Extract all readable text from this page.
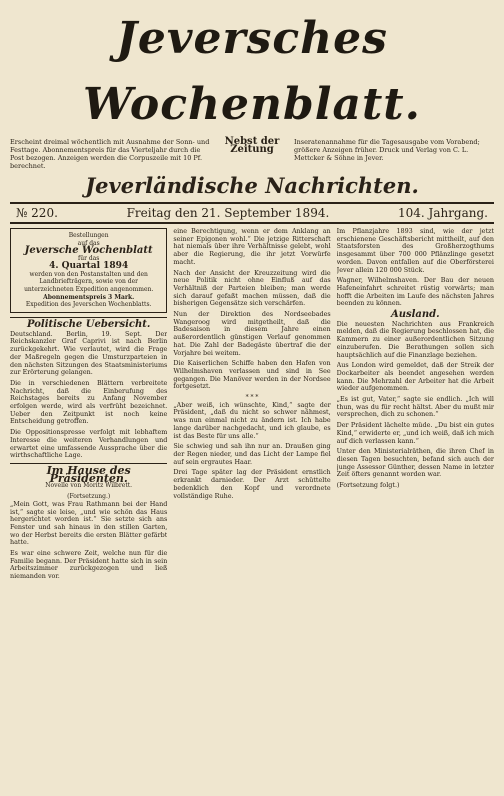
Jeversches Wochenblatt.
Erscheint dreimal wöchentlich mit Ausnahme der Sonn- und Festtage. Abonnementspreis für das Vierteljahr durch die Post bezogen. Anzeigen werden die Corpuszeile mit 10 Pf. berechnet.
Nebst der Zeitung
Inseratenannahme für die Tagesausgabe vom Vorabend; größere Anzeigen früher. Druck und Verlag von C. L. Mettcker & Söhne in Jever.
Jeverländische Nachrichten.
№ 220.	Freitag den 21. September 1894.	104. Jahrgang.
Bestellungen
auf das
Jeversche Wochenblatt
für das
4. Quartal 1894
werden von den Postanstalten und den Landbriefträgern, sowie von der unterzeichneten Expedition angenommen.
Abonnementspreis 3 Mark.
Expedition des Jeverschen Wochenblatts.
Politische Uebersicht.

Deutschland. Berlin, 19. Sept. Der Reichskanzler Graf Caprivi ist nach Berlin zurückgekehrt. Wie verlautet, wird die Frage der Maßregeln gegen die Umsturzparteien in den nächsten Sitzungen des Staatsministeriums zur Erörterung gelangen.

Die in verschiedenen Blättern verbreitete Nachricht, daß die Einberufung des Reichstages bereits zu Anfang November erfolgen werde, wird als verfrüht bezeichnet. Ueber den Zeitpunkt ist noch keine Entscheidung getroffen.

Die Oppositionspresse verfolgt mit lebhaftem Interesse die weiteren Verhandlungen und erwartet eine umfassende Aussprache über die wirthschaftliche Lage.

Im Hause des Präsidenten.
Novelle von Moritz Wilbrett.
(Fortsetzung.)

„Mein Gott, was Frau Rathmann bei der Hand ist,“ sagte sie leise, „und wie schön das Haus hergerichtet worden ist.“ Sie setzte sich ans Fenster und sah hinaus in den stillen Garten, wo der Herbst bereits die ersten Blätter gefärbt hatte.

Es war eine schwere Zeit, welche nun für die Familie begann. Der Präsident hatte sich in sein Arbeitszimmer zurückgezogen und ließ niemanden vor.

eine Berechtigung, wenn er dem Anklang an seiner Epigonen wohl.“ Die jetzige Ritterschaft hat niemals über ihre Verhältnisse gelebt, wohl aber die Regierung, die ihr jetzt Vorwürfe macht.

Nach der Ansicht der Kreuzzeitung wird die neue Politik nicht ohne Einfluß auf das Verhältniß der Parteien bleiben; man werde sich darauf gefaßt machen müssen, daß die bisherigen Gegensätze sich verschärfen.

Nun der Direktion des Nordseebades Wangeroog wird mitgetheilt, daß die Badesaison in diesem Jahre einen außerordentlich günstigen Verlauf genommen hat. Die Zahl der Badegäste übertraf die der Vorjahre bei weitem.

Die Kaiserlichen Schiffe haben den Hafen von Wilhelmshaven verlassen und sind in See gegangen. Die Manöver werden in der Nordsee fortgesetzt.

* * *

„Aber weiß, ich wünschte, Kind,“ sagte der Präsident, „daß du nicht so schwer nähmest, was nun einmal nicht zu ändern ist. Ich habe lange darüber nachgedacht, und ich glaube, es ist das Beste für uns alle.“

Sie schwieg und sah ihn nur an. Draußen ging der Regen nieder, und das Licht der Lampe fiel auf sein ergrautes Haar.

Drei Tage später lag der Präsident ernstlich erkrankt darnieder. Der Arzt schüttelte bedenklich den Kopf und verordnete vollständige Ruhe.

Im Pflanzjahre 1893 sind, wie der jetzt erschienene Geschäftsbericht mittheilt, auf den Staatsforsten des Großherzogthums insgesammt über 700 000 Pflänzlinge gesetzt worden. Davon entfallen auf die Oberförsterei Jever allein 120 000 Stück.

Wagner, Wilhelmshaven. Der Bau der neuen Hafeneinfahrt schreitet rüstig vorwärts; man hofft die Arbeiten im Laufe des nächsten Jahres beenden zu können.

Ausland.

Die neuesten Nachrichten aus Frankreich melden, daß die Regierung beschlossen hat, die Kammern zu einer außerordentlichen Sitzung einzuberufen. Die Berathungen sollen sich hauptsächlich auf die Finanzlage beziehen.

Aus London wird gemeldet, daß der Streik der Dockarbeiter als beendet angesehen werden kann. Die Mehrzahl der Arbeiter hat die Arbeit wieder aufgenommen.

„Es ist gut, Vater,“ sagte sie endlich. „Ich will thun, was du für recht hältst. Aber du mußt mir versprechen, dich zu schonen.“

Der Präsident lächelte müde. „Du bist ein gutes Kind,“ erwiderte er, „und ich weiß, daß ich mich auf dich verlassen kann.“

Unter den Ministerialräthen, die ihren Chef in diesen Tagen besuchten, befand sich auch der junge Assessor Günther, dessen Name in letzter Zeit öfters genannt worden war.

(Fortsetzung folgt.)
